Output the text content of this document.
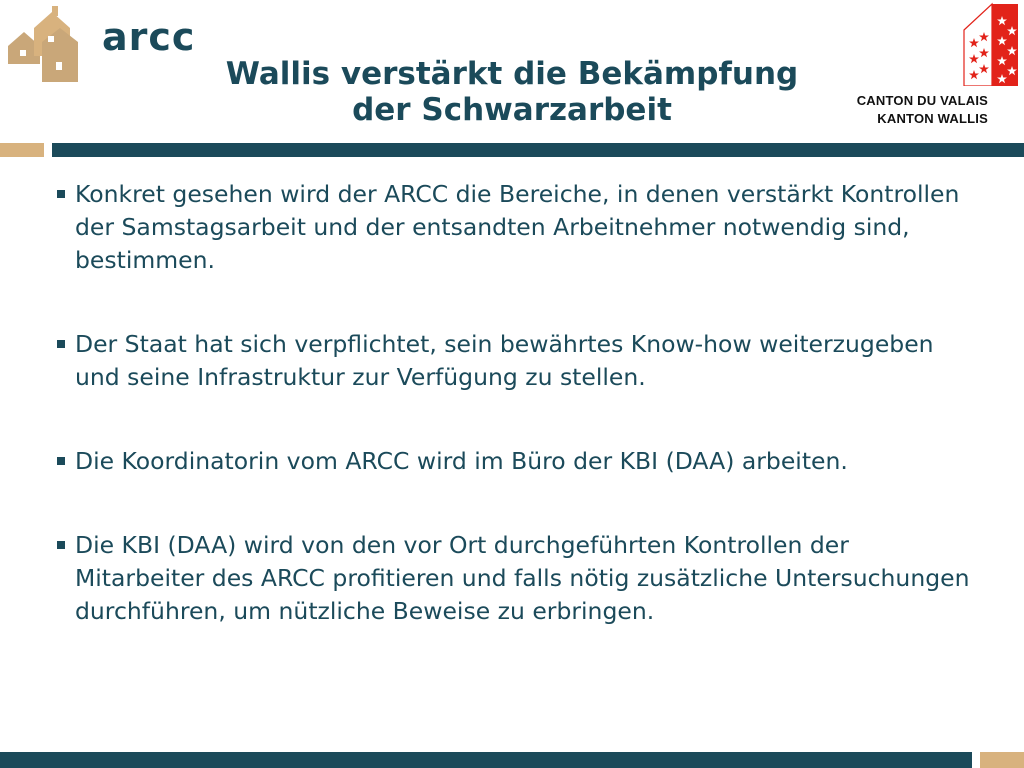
arcc
Wallis verstärkt die Bekämpfung
der Schwarzarbeit	CANTON DU VALAIS
KANTON WALLIS
Konkret gesehen wird der ARCC die Bereiche, in denen verstärkt Kontrollen der Samstagsarbeit und der entsandten Arbeitnehmer notwendig sind, bestimmen.
Der Staat hat sich verpflichtet, sein bewährtes Know-how weiterzugeben und seine Infrastruktur zur Verfügung zu stellen.
Die Koordinatorin vom ARCC wird im Büro der KBI (DAA) arbeiten.
Die KBI (DAA) wird von den vor Ort durchgeführten Kontrollen der Mitarbeiter des ARCC profitieren und falls nötig zusätzliche Untersuchungen durchführen, um nützliche Beweise zu erbringen.
